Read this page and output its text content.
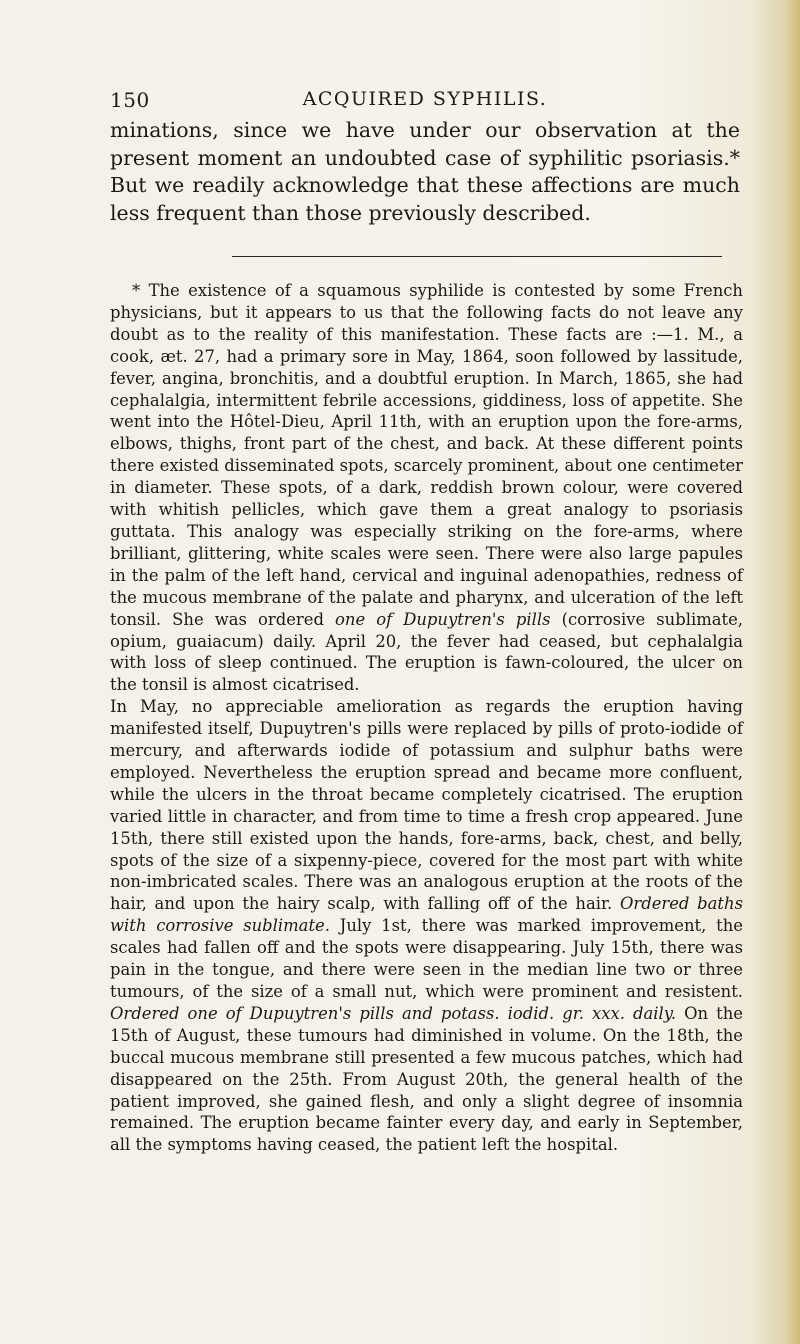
150	ACQUIRED SYPHILIS.

minations, since we have under our observation at the present moment an undoubted case of syphilitic psoriasis.* But we readily acknowledge that these affections are much less frequent than those previously described.

* The existence of a squamous syphilide is contested by some French physicians, but it appears to us that the following facts do not leave any doubt as to the reality of this manifestation. These facts are :—1. M., a cook, æt. 27, had a primary sore in May, 1864, soon followed by lassitude, fever, angina, bronchitis, and a doubtful eruption. In March, 1865, she had cephalalgia, intermittent febrile accessions, giddiness, loss of appetite. She went into the Hôtel-Dieu, April 11th, with an eruption upon the fore-arms, elbows, thighs, front part of the chest, and back. At these different points there existed disseminated spots, scarcely prominent, about one centimeter in diameter. These spots, of a dark, reddish brown colour, were covered with whitish pellicles, which gave them a great analogy to psoriasis guttata. This analogy was especially striking on the fore-arms, where brilliant, glittering, white scales were seen. There were also large papules in the palm of the left hand, cervical and inguinal adenopathies, redness of the mucous membrane of the palate and pharynx, and ulceration of the left tonsil. She was ordered one of Dupuytren's pills (corrosive sublimate, opium, guaiacum) daily. April 20, the fever had ceased, but cephalalgia with loss of sleep continued. The eruption is fawn-coloured, the ulcer on the tonsil is almost cicatrised.

In May, no appreciable amelioration as regards the eruption having manifested itself, Dupuytren's pills were replaced by pills of proto-iodide of mercury, and afterwards iodide of potassium and sulphur baths were employed. Nevertheless the eruption spread and became more confluent, while the ulcers in the throat became completely cicatrised. The eruption varied little in character, and from time to time a fresh crop appeared. June 15th, there still existed upon the hands, fore-arms, back, chest, and belly, spots of the size of a sixpenny-piece, covered for the most part with white non-imbricated scales. There was an analogous eruption at the roots of the hair, and upon the hairy scalp, with falling off of the hair. Ordered baths with corrosive sublimate. July 1st, there was marked improvement, the scales had fallen off and the spots were disappearing. July 15th, there was pain in the tongue, and there were seen in the median line two or three tumours, of the size of a small nut, which were prominent and resistent. Ordered one of Dupuytren's pills and potass. iodid. gr. xxx. daily. On the 15th of August, these tumours had diminished in volume. On the 18th, the buccal mucous membrane still presented a few mucous patches, which had disappeared on the 25th. From August 20th, the general health of the patient improved, she gained flesh, and only a slight degree of insomnia remained. The eruption became fainter every day, and early in September, all the symptoms having ceased, the patient left the hospital.
